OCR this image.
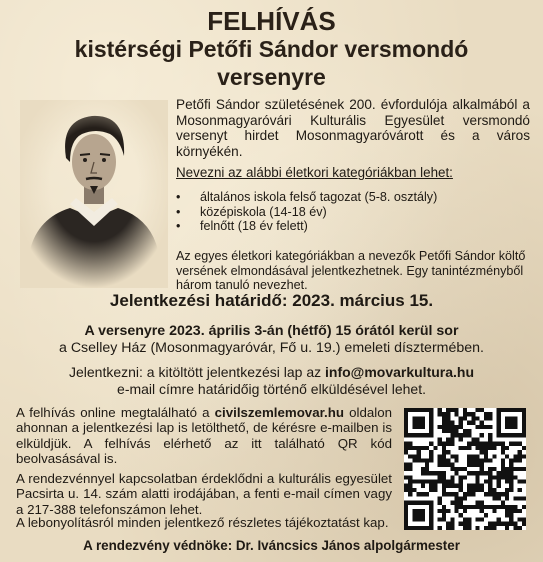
FELHÍVÁS
kistérségi Petőfi Sándor versmondó
versenyre

Petőfi Sándor születésének 200. évfordulója alkalmából a Mosonmagyaróvári Kulturális Egyesület versmondó versenyt hirdet Mosonmagyaróvárott és a város környékén.

Nevezni az alábbi életkori kategóriákban lehet:

• általános iskola felső tagozat (5-8. osztály)
• középiskola (14-18 év)
• felnőtt (18 év felett)

Az egyes életkori kategóriákban a nevezők Petőfi Sándor költő versének elmondásával jelentkezhetnek. Egy tanintézményből három tanuló nevezhet.

Jelentkezési határidő: 2023. március 15.

A versenyre 2023. április 3-án (hétfő) 15 órától kerül sor
a Cselley Ház (Mosonmagyaróvár, Fő u. 19.) emeleti dísztermében.

Jelentkezni: a kitöltött jelentkezési lap az info@movarkultura.hu
e-mail címre határidőig történő elküldésével lehet.

A felhívás online megtalálható a civilszemlemovar.hu oldalon ahonnan a jelentkezési lap is letölthető, de kérésre e-mailben is elküldjük. A felhívás elérhető az itt található QR kód beolvasásával is.

A rendezvénnyel kapcsolatban érdeklődni a kulturális egyesület Pacsirta u. 14. szám alatti irodájában, a fenti e-mail címen vagy a 217-388 telefonszámon lehet.

A lebonyolításról minden jelentkező részletes tájékoztatást kap.

A rendezvény védnöke: Dr. Iváncsics János alpolgármester
